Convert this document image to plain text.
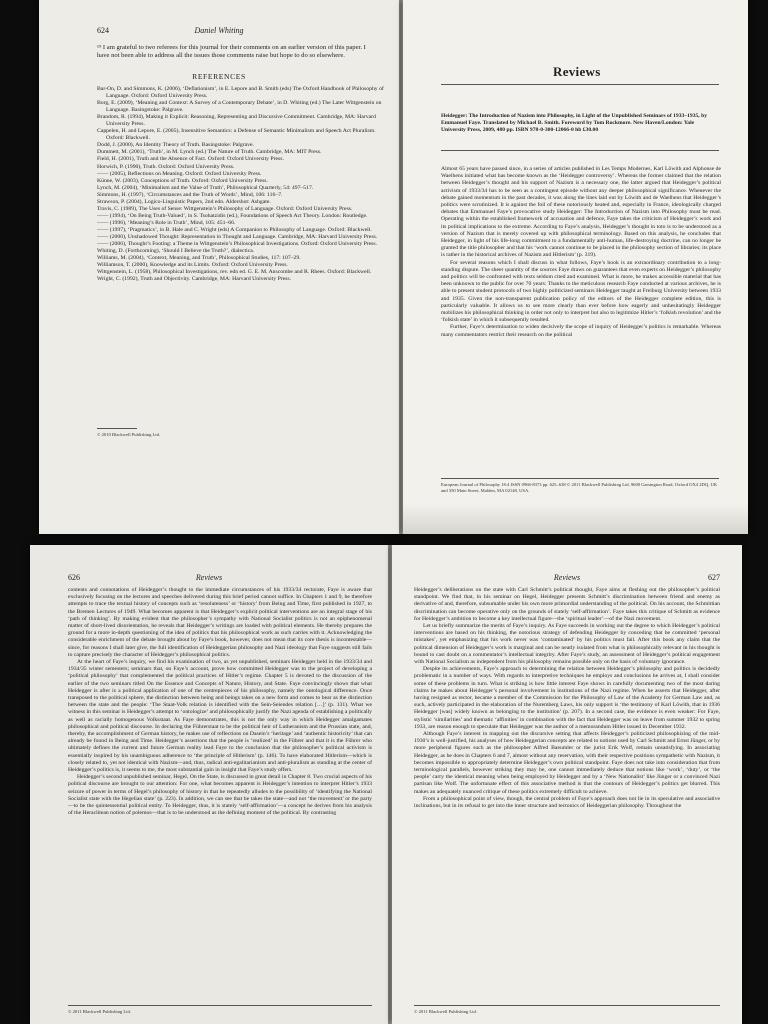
624	Daniel Whiting
¹⁹ I am grateful to two referees for this journal for their comments on an earlier version of this paper. I have not been able to address all the issues those comments raise but hope to do so elsewhere.
REFERENCES

Bar-On, D. and Simmons, K. (2006), ‘Deflationism’, in E. Lepore and B. Smith (eds) The Oxford Handbook of Philosophy of Language. Oxford: Oxford University Press.

Borg, E. (2009), ‘Meaning and Context: A Survey of a Contemporary Debate’, in D. Whiting (ed.) The Later Wittgenstein on Language. Basingstoke: Palgrave.

Brandom, R. (1994), Making it Explicit: Reasoning, Representing and Discursive Commitment. Cambridge, MA: Harvard University Press.

Cappelen, H. and Lepore, E. (2005), Insensitive Semantics: a Defense of Semantic Minimalism and Speech Act Pluralism. Oxford: Blackwell.

Dodd, J. (2000), An Identity Theory of Truth. Basingstoke: Palgrave.

Dummett, M. (2001), ‘Truth’, in M. Lynch (ed.) The Nature of Truth. Cambridge, MA: MIT Press.

Field, H. (2001), Truth and the Absence of Fact. Oxford: Oxford University Press.

Horwich, P. (1990), Truth. Oxford: Oxford University Press.

—— (2005), Reflections on Meaning. Oxford: Oxford University Press.

Künne, W. (2003), Conceptions of Truth. Oxford: Oxford University Press.

Lynch, M. (2004), ‘Minimalism and the Value of Truth’, Philosophical Quarterly, 54: 497–517.

Simmons, H. (1997), ‘Circumstances and the Truth of Words’, Mind, 106: 116–7.

Strawson, P. (2004), Logico-Linguistic Papers, 2nd edn. Aldershot: Ashgate.

Travis, C. (1989), The Uses of Sense: Wittgenstein’s Philosophy of Language. Oxford: Oxford University Press.

—— (1994), ‘On Being Truth-Valued’, in S. Tsohatzidis (ed.), Foundations of Speech Act Theory. London: Routledge.

—— (1996), ‘Meaning’s Role in Truth’, Mind, 105: 451–66.

—— (1997), ‘Pragmatics’, in B. Hale and C. Wright (eds) A Companion to Philosophy of Language. Oxford: Blackwell.

—— (2000), Unshadowed Thought: Representation in Thought and Language. Cambridge, MA: Harvard University Press.

—— (2006), Thought’s Footing: a Theme in Wittgenstein’s Philosophical Investigations. Oxford: Oxford University Press.

Whiting, D. (Forthcoming), ‘Should I Believe the Truth?’, dialectica.

Williams, M. (2004), ‘Context, Meaning, and Truth’, Philosophical Studies, 117: 107–29.

Williamson, T. (2000), Knowledge and its Limits. Oxford: Oxford University Press.

Wittgenstein, L. (1958), Philosophical Investigations, rev. edn ed. G. E. M. Anscombe and R. Rhees. Oxford: Blackwell.

Wright, C. (1992), Truth and Objectivity. Cambridge, MA: Harvard University Press.

© 2010 Blackwell Publishing Ltd.
Reviews
Heidegger: The Introduction of Nazism into Philosophy, in Light of the Unpublished Seminars of 1933–1935, by Emmanuel Faye. Translated by Michael B. Smith. Foreword by Tom Rockmore. New Haven/London: Yale University Press, 2009, 480 pp. ISBN 978-0-300-12066-0 hb £30.00

Almost 65 years have passed since, in a series of articles published in Les Temps Modernes, Karl Löwith and Alphonse de Waelhens initiated what has become known as the ‘Heidegger controversy’. Whereas the former claimed that the relation between Heidegger’s thought and his support of Nazism is a necessary one, the latter argued that Heidegger’s political activism of 1933/34 has to be seen as a contingent episode without any deeper philosophical significance. Whenever the debate gained momentum in the past decades, it was along the lines laid out by Löwith and de Waelhens that Heidegger’s politics were scrutinized. It is against the foil of these notoriously heated and, especially in France, ideologically charged debates that Emmanuel Faye’s provocative study Heidegger: The Introduction of Nazism into Philosophy must be read. Operating within the established framework of accusation and defence, Faye takes the criticism of Heidegger’s work and its political implications to the extreme. According to Faye’s analysis, Heidegger’s thought in toto is to be understood as a version of Nazism that is merely covered up with philosophical terminology. Based on this analysis, he concludes that Heidegger, in light of his life-long commitment to a fundamentally anti-human, life-destroying doctrine, can no longer be granted the title philosopher and that his ‘work cannot continue to be placed in the philosophy section of libraries; its place is rather in the historical archives of Nazism and Hitlerism’ (p. 319).

For several reasons which I shall discuss in what follows, Faye’s book is an extraordinary contribution to a long-standing dispute. The sheer quantity of the sources Faye draws on guarantees that even experts on Heidegger’s philosophy and politics will be confronted with texts seldom cited and examined. What is more, he makes accessible material that has been unknown to the public for over 70 years: Thanks to the meticulous research Faye conducted at various archives, he is able to present student protocols of two highly politicized seminars Heidegger taught at Freiburg University between 1933 and 1935. Given the non-transparent publication policy of the editors of the Heidegger complete edition, this is particularly valuable. It allows us to see more clearly than ever before how eagerly and unhesitatingly Heidegger mobilizes his philosophical thinking in order not only to interpret but also to legitimize Hitler’s ‘folkish revolution’ and the ‘folkish state’ in which it subsequently resulted.

Further, Faye’s determination to widen decisively the scope of inquiry of Heidegger’s politics is remarkable. Whereas many commentators restrict their research on the political

European Journal of Philosophy 18:4 ISSN 0966-8373 pp. 625–638 © 2011 Blackwell Publishing Ltd, 9600 Garsington Road, Oxford OX4 2DQ, UK and 350 Main Street, Malden, MA 02148, USA.
626	Reviews

contents and connotations of Heidegger’s thought to the immediate circumstances of his 1933/34 rectorate, Faye is aware that exclusively focusing on the lectures and speeches delivered during this brief period cannot suffice. In Chapters 1 and 9, he therefore attempts to trace the textual history of concepts such as ‘resoluteness’ or ‘history’ from Being and Time, first published in 1927, to the Bremen Lectures of 1949. What becomes apparent is that Heidegger’s explicit political interventions are an integral stage of his ‘path of thinking’. By making evident that the philosopher’s sympathy with National Socialist politics is not an epiphenomenal matter of short-lived disorientation, he reveals that Heidegger’s writings are loaded with political elements. He thereby prepares the ground for a more in-depth questioning of the idea of politics that his philosophical work as such carries with it. Acknowledging the considerable enrichment of the debate brought about by Faye’s book, however, does not mean that its core thesis is incontestable—since, for reasons I shall later give, the full identification of Heideggerian philosophy and Nazi ideology that Faye suggests still fails to capture precisely the character of Heidegger’s philosophical politics.

At the heart of Faye’s inquiry, we find his examination of two, as yet unpublished, seminars Heidegger held in the 1933/34 and 1934/35 winter semesters; seminars that, on Faye’s account, prove how committed Heidegger was to the project of developing a ‘political philosophy’ that complemented the political practices of Hitler’s regime. Chapter 5 is devoted to the discussion of the earlier of the two seminars titled On the Essence and Concepts of Nature, History, and State. Faye convincingly shows that what Heidegger is after is a political application of one of the centrepieces of his philosophy, namely the ontological difference. Once transposed to the political sphere, the distinction between being and beings takes on a new form and comes to bear as the distinction between the state and the people: ‘The Staat-Volk relation is identified with the Sein-Seiendes relation […]’ (p. 131). What we witness in this seminar is Heidegger’s attempt to ‘ontologize’ and philosophically justify the Nazi agenda of establishing a politically as well as racially homogenous Volksstaat. As Faye demonstrates, this is not the only way in which Heidegger amalgamates philosophical and political discourse. In declaring the Führerstaat to be the political heir of Lutheranism and the Prussian state, and, thereby, the accomplishment of German history, he makes use of reflections on Dasein’s ‘heritage’ and ‘authentic historicity’ that can already be found in Being and Time. Heidegger’s assertions that the people is ‘realized’ in the Führer and that it is the Führer who ultimately defines the current and future German reality lead Faye to the conclusion that the philosopher’s political activism is essentially inspired by his unambiguous adherence to ‘the principle of Hitlerism’ (p. 146). To have elaborated Hitlerism—which is closely related to, yet not identical with Nazism—and, thus, radical anti-egalitarianism and anti-pluralism as standing at the center of Heidegger’s politics is, it seems to me, the most substantial gain in insight that Faye’s study offers.

Heidegger’s second unpublished seminar, Hegel, On the State, is discussed in great detail in Chapter 8. Two crucial aspects of his political discourse are brought to our attention: For one, what becomes apparent is Heidegger’s intention to interpret Hitler’s 1933 seizure of power in terms of Hegel’s philosophy of history in that he repeatedly alludes to the possibility of ‘identifying the National Socialist state with the Hegelian state’ (p. 223). In addition, we can see that he takes the state—and not ‘the movement’ or the party—to be the quintessential political entity. To Heidegger, thus, it is stately ‘self-affirmation’—a concept he derives from his analysis of the Heraclitean notion of polemos—that is to be understood as the defining moment of the political. By contrasting

© 2011 Blackwell Publishing Ltd.
Reviews	627

Heidegger’s deliberations on the state with Carl Schmitt’s political thought, Faye aims at fleshing out the philosopher’s political standpoint. We find that, in his seminar on Hegel, Heidegger presents Schmitt’s discrimination between friend and enemy as derivative of and, therefore, subsumable under his own more primordial understanding of the political. On his account, the Schmittian discrimination can become operative only on the grounds of stately ‘self-affirmation’. Faye takes this critique of Schmitt as evidence for Heidegger’s ambition to become a key intellectual figure—the ‘spiritual leader’—of the Nazi movement.

Let us briefly summarize the merits of Faye’s inquiry. As Faye succeeds in working out the degree to which Heidegger’s political interventions are based on his thinking, the notorious strategy of defending Heidegger by conceding that he committed ‘personal mistakes’, yet emphasizing that his work never was ‘contaminated’ by his politics must fail. After this book any claim that the political dimension of Heidegger’s work is marginal and can be neatly isolated from what is philosophically relevant in his thought is bound to cast doubt on a commentator’s intellectual integrity. After Faye’s study, an assessment of Heidegger’s political engagement with National Socialism as independent from his philosophy remains possible only on the basis of voluntary ignorance.

Despite its achievements, Faye’s approach to determining the relation between Heidegger’s philosophy and politics is decidedly problematic in a number of ways. With regards to interpretive techniques he employs and conclusions he arrives at, I shall consider some of these problems in turn. What is striking is how little interest Faye shows in carefully documenting two of the most daring claims he makes about Heidegger’s personal involvement in institutions of the Nazi regime. When he asserts that Heidegger, after having resigned as rector, became a member of the Commission for the Philosophy of Law of the Academy for German Law and, as such, actively participated in the elaboration of the Nuremberg Laws, his only support is ‘the testimony of Karl Löwith, that in 1936 Heidegger [was] widely known as belonging to the institution’ (p. 207). In a second case, the evidence is even weaker: For Faye, stylistic ‘similarities’ and thematic ‘affinities’ in combination with the fact that Heidegger was on leave from summer 1932 to spring 1933, are reason enough to speculate that Heidegger was the author of a memorandum Hitler issued in December 1932.

Although Faye’s interest in mapping out the discursive setting that affects Heidegger’s politicized philosophizing of the mid-1930’s is well-justified, his analyses of how Heideggerian concepts are related to notions used by Carl Schmitt and Ernst Jünger, or by more peripheral figures such as the philosopher Alfred Baeumler or the jurist Erik Wolf, remain unsatisfying. In associating Heidegger, as he does in Chapters 6 and 7, almost without any reservation, with their respective positions sympathetic with Nazism, it becomes impossible to appropriately determine Heidegger’s own political standpoint. Faye does not take into consideration that from terminological parallels, however striking they may be, one cannot immediately deduce that notions like ‘work’, ‘duty’, or ‘the people’ carry the identical meaning when being employed by Heidegger and by a ‘New Nationalist’ like Jünger or a convinced Nazi partisan like Wolf. The unfortunate effect of this associative method is that the contours of Heidegger’s politics get blurred. This makes an adequately nuanced critique of these politics extremely difficult to achieve.

From a philosophical point of view, though, the central problem of Faye’s approach does not lie in its speculative and associative inclinations, but in its refusal to get into the inner structure and tectonics of Heideggerian philosophy. Throughout the

© 2011 Blackwell Publishing Ltd.
